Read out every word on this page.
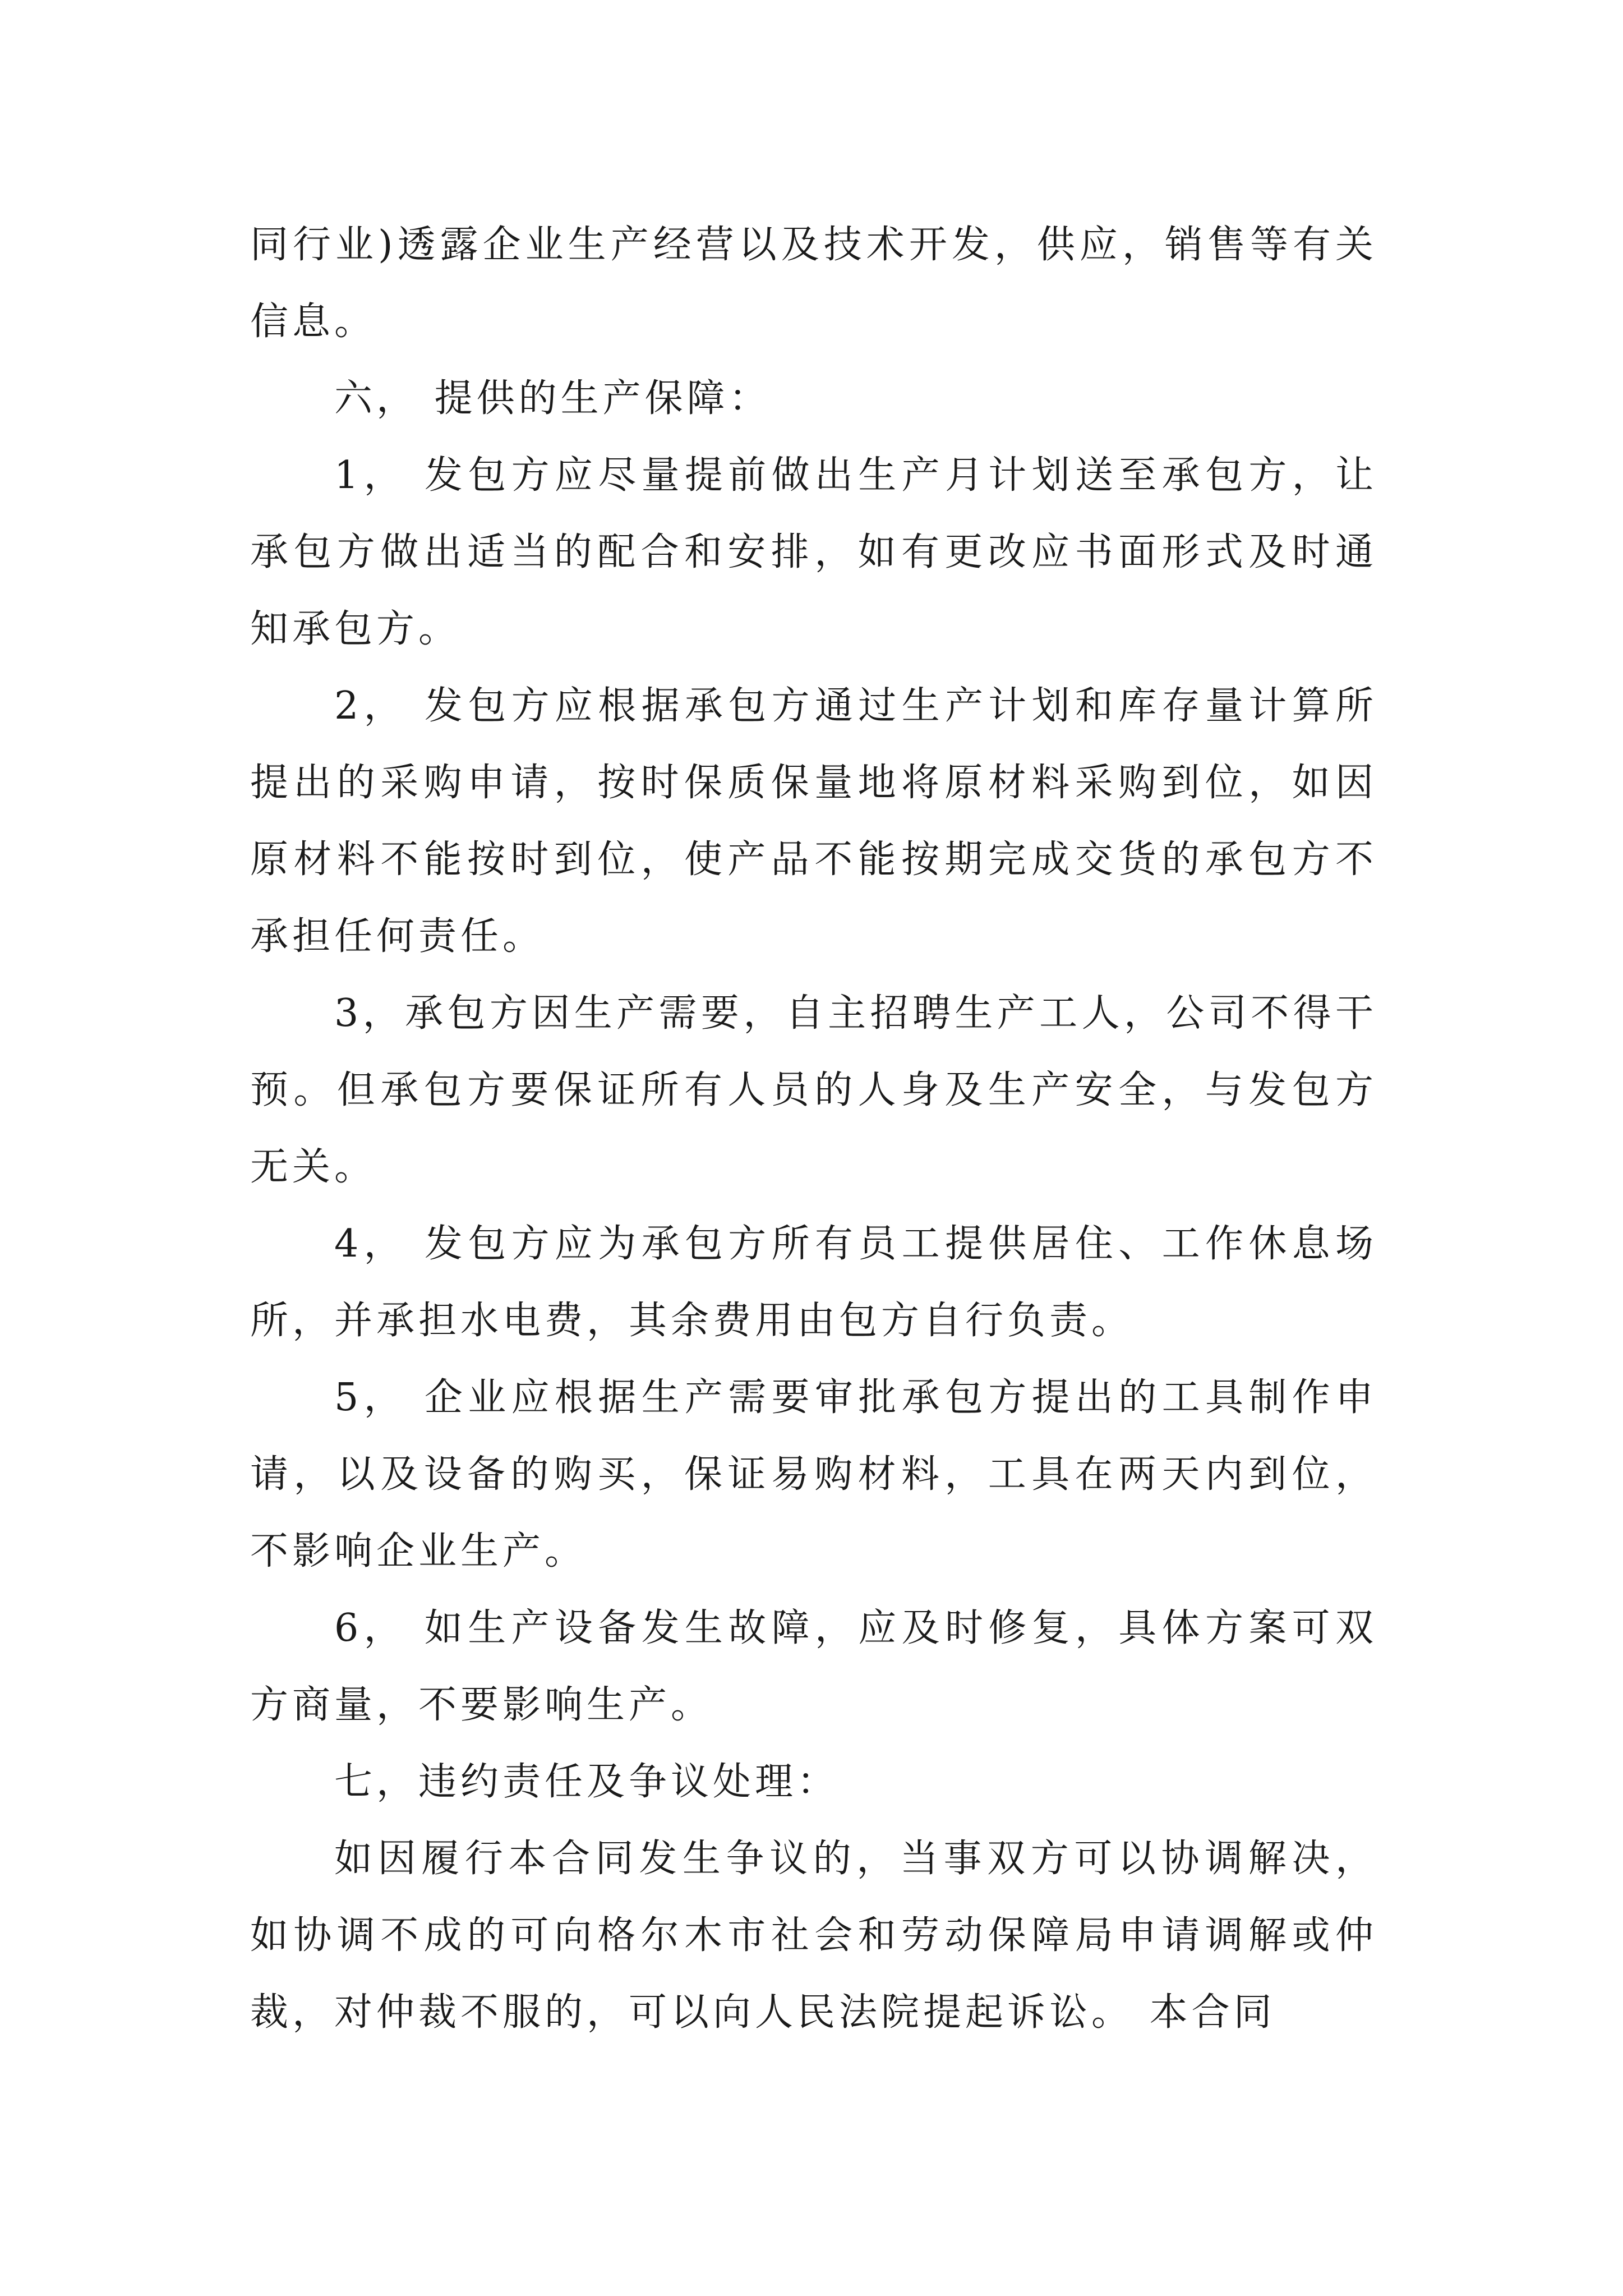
同行业)透露企业生产经营以及技术开发，供应，销售等有关信息。

六， 提供的生产保障：

1， 发包方应尽量提前做出生产月计划送至承包方，让承包方做出适当的配合和安排，如有更改应书面形式及时通知承包方。

2， 发包方应根据承包方通过生产计划和库存量计算所提出的采购申请，按时保质保量地将原材料采购到位，如因原材料不能按时到位，使产品不能按期完成交货的承包方不承担任何责任。

3，承包方因生产需要，自主招聘生产工人，公司不得干预。但承包方要保证所有人员的人身及生产安全，与发包方无关。

4， 发包方应为承包方所有员工提供居住、工作休息场所，并承担水电费，其余费用由包方自行负责。

5， 企业应根据生产需要审批承包方提出的工具制作申请，以及设备的购买，保证易购材料，工具在两天内到位，不影响企业生产。

6， 如生产设备发生故障，应及时修复，具体方案可双方商量，不要影响生产。

七，违约责任及争议处理：

如因履行本合同发生争议的，当事双方可以协调解决，如协调不成的可向格尔木市社会和劳动保障局申请调解或仲裁，对仲裁不服的，可以向人民法院提起诉讼。 本合同
